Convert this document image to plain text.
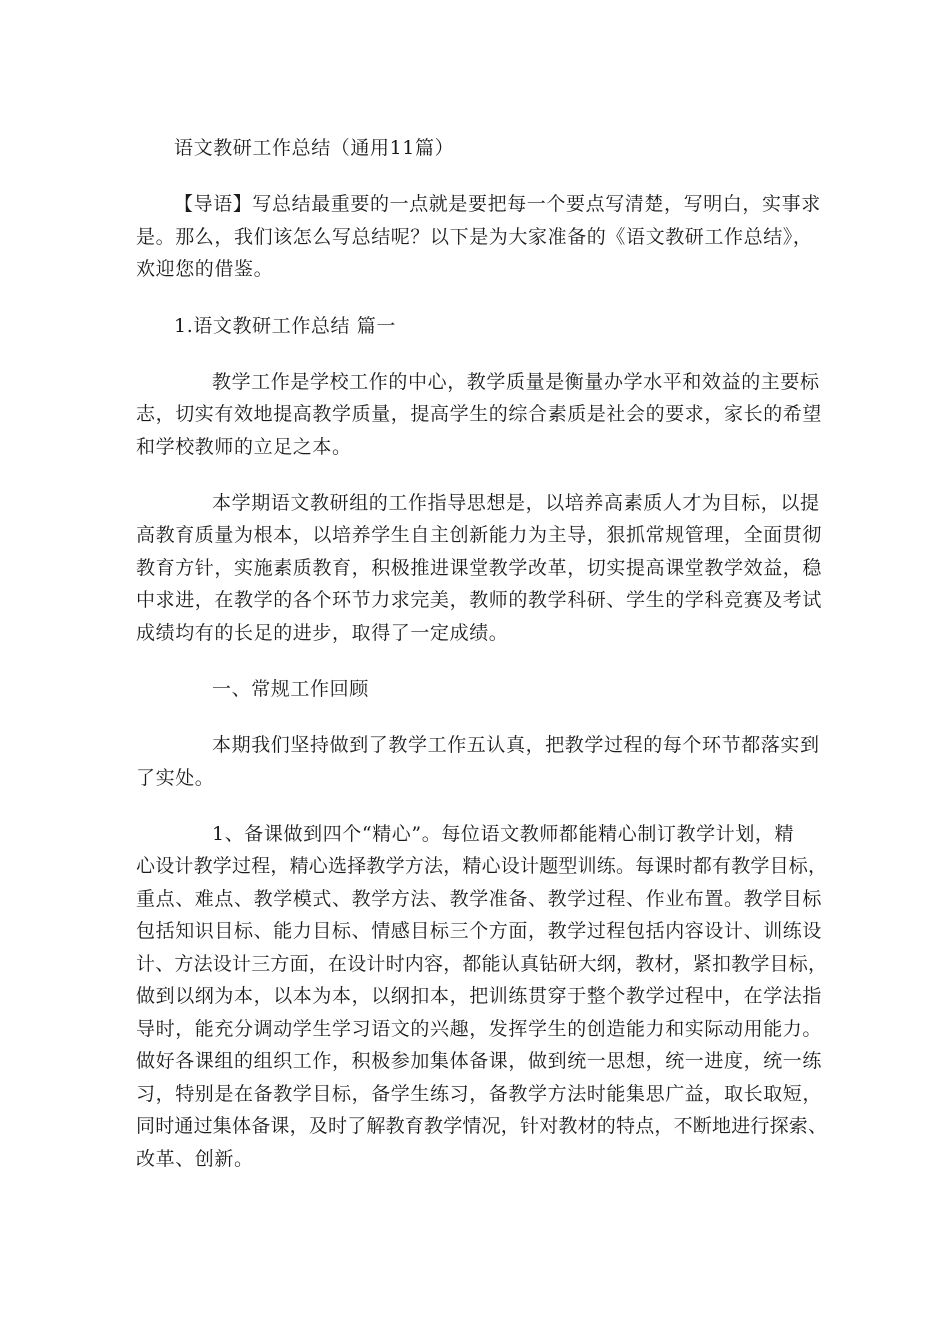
语文教研工作总结（通用11篇）
【导语】写总结最重要的一点就是要把每一个要点写清楚，写明白，实事求
是。那么，我们该怎么写总结呢？以下是为大家准备的《语文教研工作总结》，
欢迎您的借鉴。
1.语文教研工作总结 篇一
教学工作是学校工作的中心，教学质量是衡量办学水平和效益的主要标
志，切实有效地提高教学质量，提高学生的综合素质是社会的要求，家长的希望
和学校教师的立足之本。
本学期语文教研组的工作指导思想是，以培养高素质人才为目标，以提
高教育质量为根本，以培养学生自主创新能力为主导，狠抓常规管理，全面贯彻
教育方针，实施素质教育，积极推进课堂教学改革，切实提高课堂教学效益，稳
中求进，在教学的各个环节力求完美，教师的教学科研、学生的学科竞赛及考试
成绩均有的长足的进步，取得了一定成绩。
一、常规工作回顾
本期我们坚持做到了教学工作五认真，把教学过程的每个环节都落实到
了实处。
1、备课做到四个“精心”。每位语文教师都能精心制订教学计划，精
心设计教学过程，精心选择教学方法，精心设计题型训练。每课时都有教学目标，
重点、难点、教学模式、教学方法、教学准备、教学过程、作业布置。教学目标
包括知识目标、能力目标、情感目标三个方面，教学过程包括内容设计、训练设
计、方法设计三方面，在设计时内容，都能认真钻研大纲，教材，紧扣教学目标，
做到以纲为本，以本为本，以纲扣本，把训练贯穿于整个教学过程中，在学法指
导时，能充分调动学生学习语文的兴趣，发挥学生的创造能力和实际动用能力。
做好各课组的组织工作，积极参加集体备课，做到统一思想，统一进度，统一练
习，特别是在备教学目标，备学生练习，备教学方法时能集思广益，取长取短，
同时通过集体备课，及时了解教育教学情况，针对教材的特点，不断地进行探索、
改革、创新。
